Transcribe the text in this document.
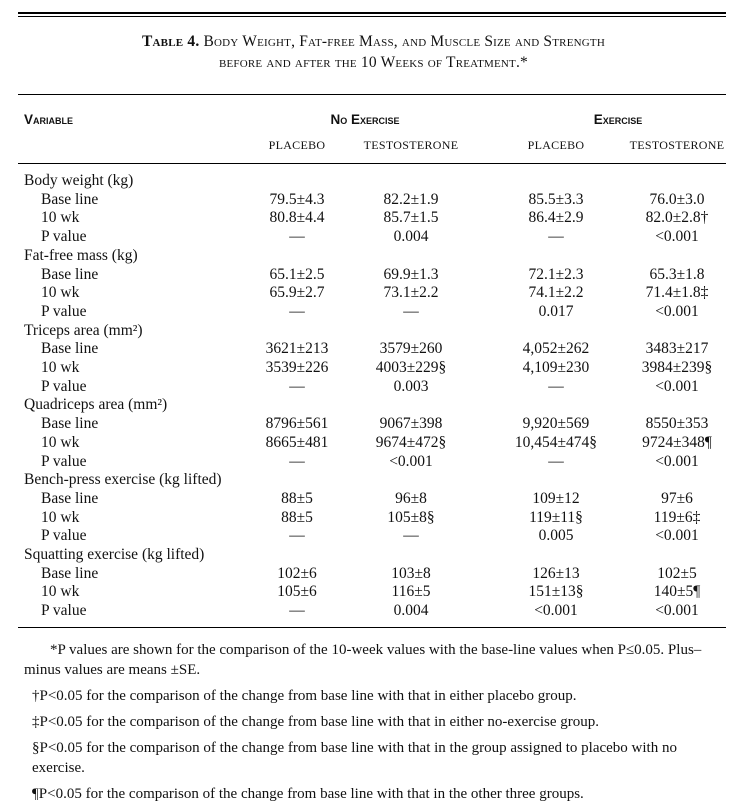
Table 4. Body Weight, Fat-free Mass, and Muscle Size and Strength
before and after the 10 Weeks of Treatment.*
Variable	No Exercise	Exercise
PLACEBO	TESTOSTERONE	PLACEBO	TESTOSTERONE
Body weight (kg)
Base line	79.5±4.3	82.2±1.9	85.5±3.3	76.0±3.0
10 wk	80.8±4.4	85.7±1.5	86.4±2.9	82.0±2.8†
P value	—	0.004	—	<0.001
Fat-free mass (kg)
Base line	65.1±2.5	69.9±1.3	72.1±2.3	65.3±1.8
10 wk	65.9±2.7	73.1±2.2	74.1±2.2	71.4±1.8‡
P value	—	—	0.017	<0.001
Triceps area (mm²)
Base line	3621±213	3579±260	4,052±262	3483±217
10 wk	3539±226	4003±229§	4,109±230	3984±239§
P value	—	0.003	—	<0.001
Quadriceps area (mm²)
Base line	8796±561	9067±398	9,920±569	8550±353
10 wk	8665±481	9674±472§	10,454±474§	9724±348¶
P value	—	<0.001	—	<0.001
Bench-press exercise (kg lifted)
Base line	88±5	96±8	109±12	97±6
10 wk	88±5	105±8§	119±11§	119±6‡
P value	—	—	0.005	<0.001
Squatting exercise (kg lifted)
Base line	102±6	103±8	126±13	102±5
10 wk	105±6	116±5	151±13§	140±5¶
P value	—	0.004	<0.001	<0.001

*P values are shown for the comparison of the 10-week values with the base-line values when P≤0.05. Plus–minus values are means ±SE.

†P<0.05 for the comparison of the change from base line with that in either placebo group.

‡P<0.05 for the comparison of the change from base line with that in either no-exercise group.

§P<0.05 for the comparison of the change from base line with that in the group assigned to placebo with no exercise.

¶P<0.05 for the comparison of the change from base line with that in the other three groups.
